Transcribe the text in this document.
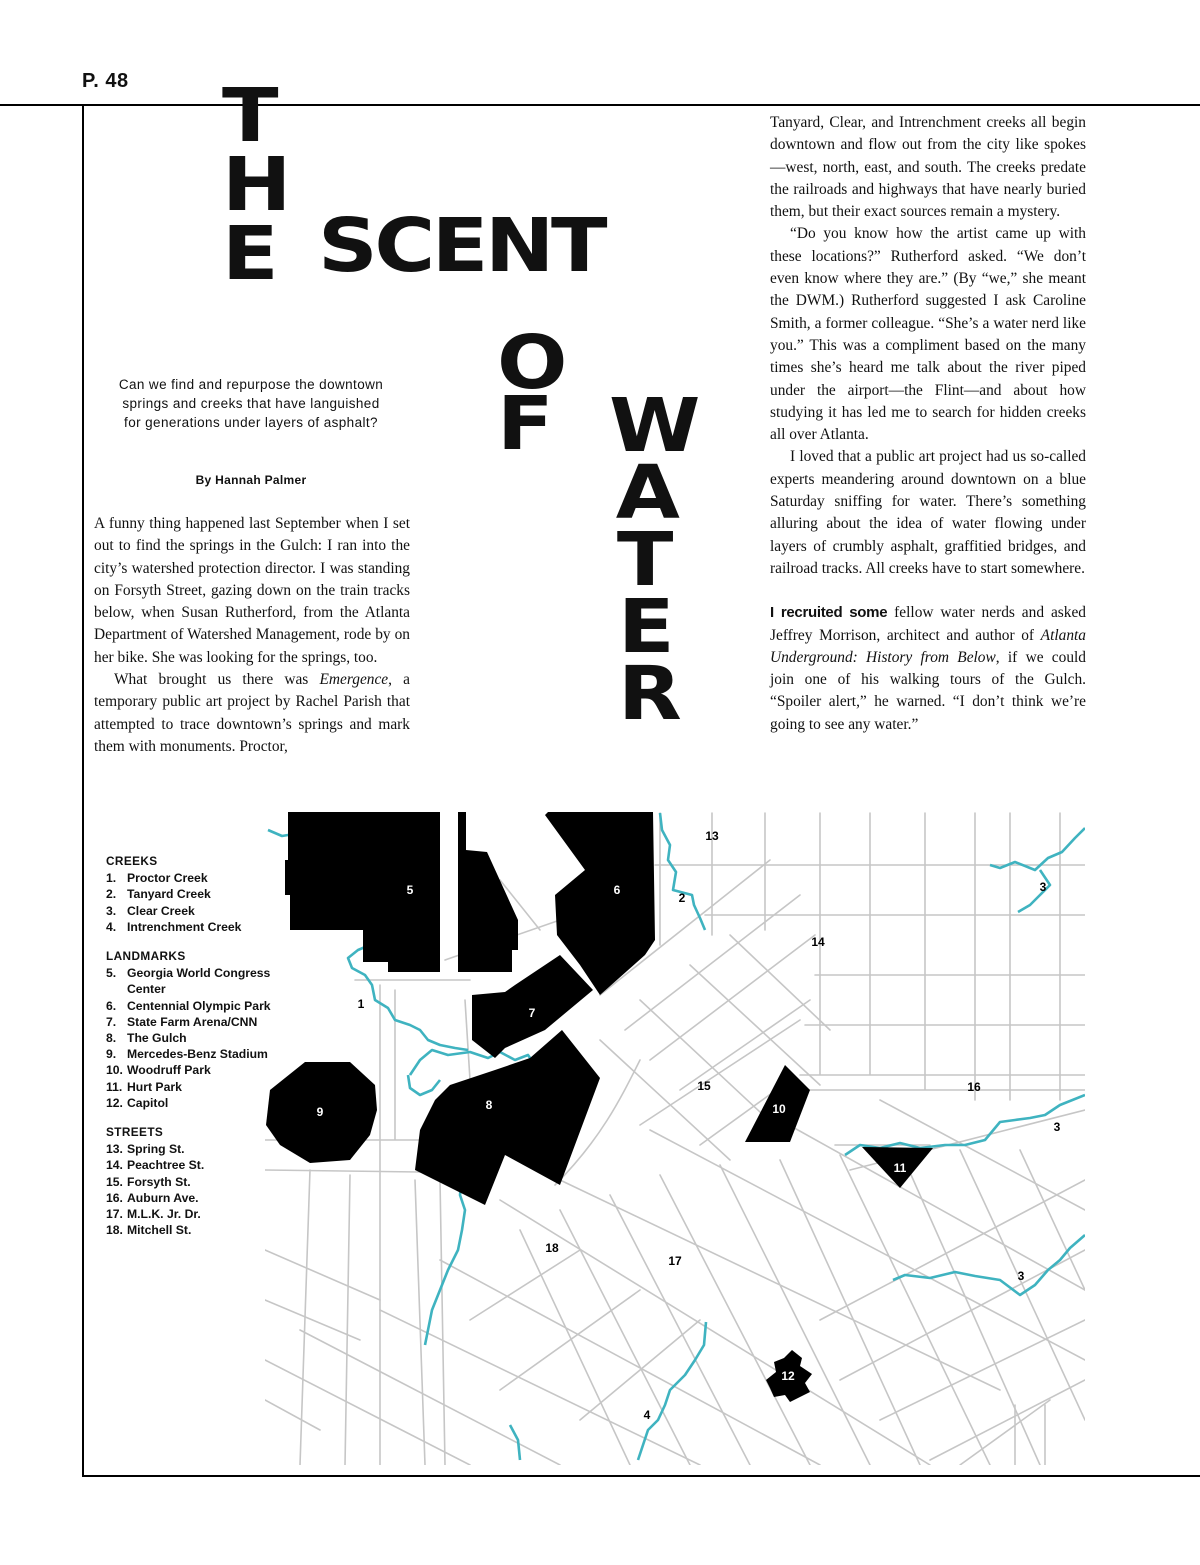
P. 48 T
H
E SCENT
O
F W
A
T
E
R
Can we find and repurpose the downtown springs and creeks that have languished for generations under layers of asphalt?
By Hannah Palmer

A funny thing happened last September when I set out to find the springs in the Gulch: I ran into the city’s watershed protection director. I was standing on Forsyth Street, gazing down on the train tracks below, when Susan Rutherford, from the Atlanta Department of Watershed Management, rode by on her bike. She was looking for the springs, too.

What brought us there was Emergence, a temporary public art project by Rachel Parish that attempted to trace downtown’s springs and mark them with monuments. Proctor,

Tanyard, Clear, and Intrenchment creeks all begin downtown and flow out from the city like spokes—west, north, east, and south. The creeks predate the railroads and highways that have nearly buried them, but their exact sources remain a mystery.

“Do you know how the artist came up with these locations?” Rutherford asked. “We don’t even know where they are.” (By “we,” she meant the DWM.) Rutherford suggested I ask Caroline Smith, a former colleague. “She’s a water nerd like you.” This was a compliment based on the many times she’s heard me talk about the river piped under the airport—the Flint—and about how studying it has led me to search for hidden creeks all over Atlanta.

I loved that a public art project had us so-called experts meandering around downtown on a blue Saturday sniffing for water. There’s something alluring about the idea of water flowing under layers of crumbly asphalt, graffitied bridges, and railroad tracks. All creeks have to start somewhere.

I recruited some fellow water nerds and asked Jeffrey Morrison, architect and author of Atlanta Underground: History from Below, if we could join one of his walking tours of the Gulch. “Spoiler alert,” he warned. “I don’t think we’re going to see any water.”

CREEKS
1. Proctor Creek
2. Tanyard Creek
3. Clear Creek
4. Intrenchment Creek
LANDMARKS
5. Georgia World Congress Center
6. Centennial Olympic Park
7. State Farm Arena/CNN
8. The Gulch
9. Mercedes-Benz Stadium
10. Woodruff Park
11. Hurt Park
12. Capitol
STREETS
13. Spring St.
14. Peachtree St.
15. Forsyth St.
16. Auburn Ave.
17. M.L.K. Jr. Dr.
18. Mitchell St.
5	6
7
8
9	10
11
12
1
2
3
3
3
4
13
14
15	16
17
18
